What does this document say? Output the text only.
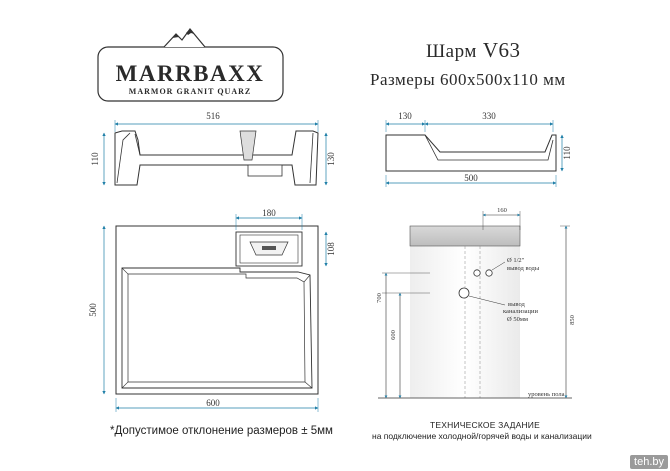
MARRBAXX
MARMOR GRANIT QUARZ
516
110	130
130	330
110
500
180
108
500
600
160
Ø 1/2"
вывод воды
вывод
канализации
Ø 50мм
700
600
850
уровень пола
Шарм V63
Размеры 600x500x110 мм
*Допустимое отклонение размеров ± 5мм	ТЕХНИЧЕСКОЕ ЗАДАНИЕ
на подключение холодной/горячей воды и канализации
teh.by
